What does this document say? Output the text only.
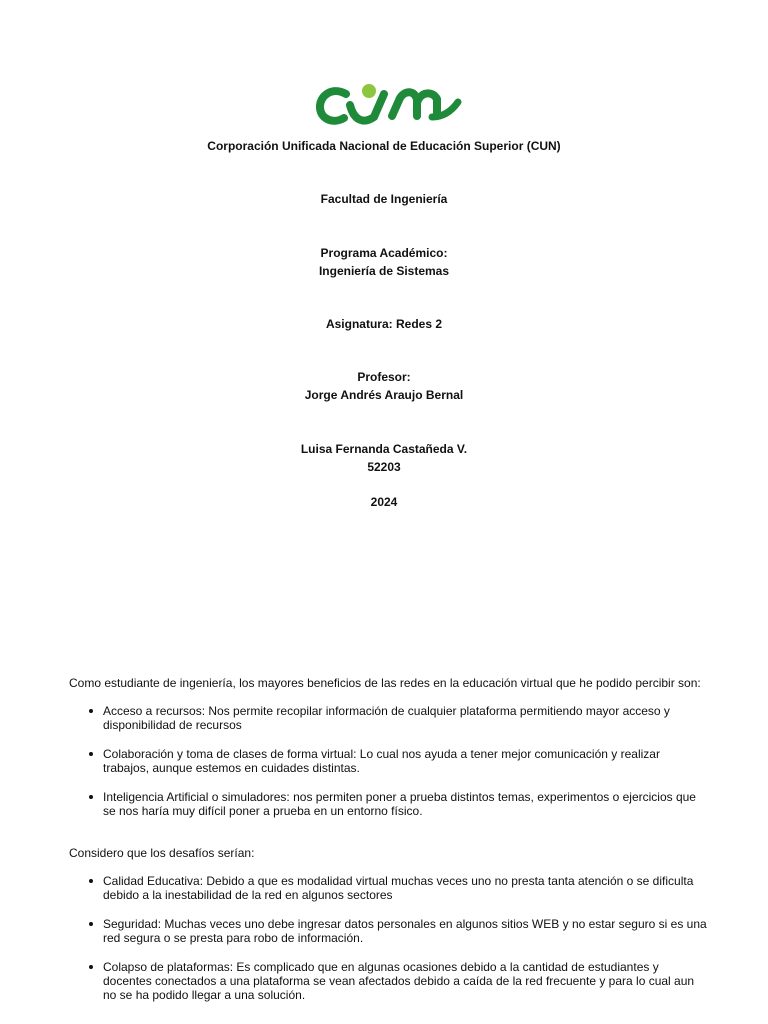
Corporación Unificada Nacional de Educación Superior (CUN)
Facultad de Ingeniería
Programa Académico:
Ingeniería de Sistemas
Asignatura: Redes 2
Profesor:
Jorge Andrés Araujo Bernal
Luisa Fernanda Castañeda V.
52203
2024
Como estudiante de ingeniería, los mayores beneficios de las redes en la educación virtual que he podido percibir son:
Acceso a recursos: Nos permite recopilar información de cualquier plataforma permitiendo mayor acceso y disponibilidad de recursos
Colaboración y toma de clases de forma virtual: Lo cual nos ayuda a tener mejor comunicación y realizar trabajos, aunque estemos en cuidades distintas.
Inteligencia Artificial o simuladores: nos permiten poner a prueba distintos temas, experimentos o ejercicios que se nos haría muy difícil poner a prueba en un entorno físico.
Considero que los desafíos serían:
Calidad Educativa: Debido a que es modalidad virtual muchas veces uno no presta tanta atención o se dificulta debido a la inestabilidad de la red en algunos sectores
Seguridad: Muchas veces uno debe ingresar datos personales en algunos sitios WEB y no estar seguro si es una red segura o se presta para robo de información.
Colapso de plataformas: Es complicado que en algunas ocasiones debido a la cantidad de estudiantes y docentes conectados a una plataforma se vean afectados debido a caída de la red frecuente y para lo cual aun no se ha podido llegar a una solución.
